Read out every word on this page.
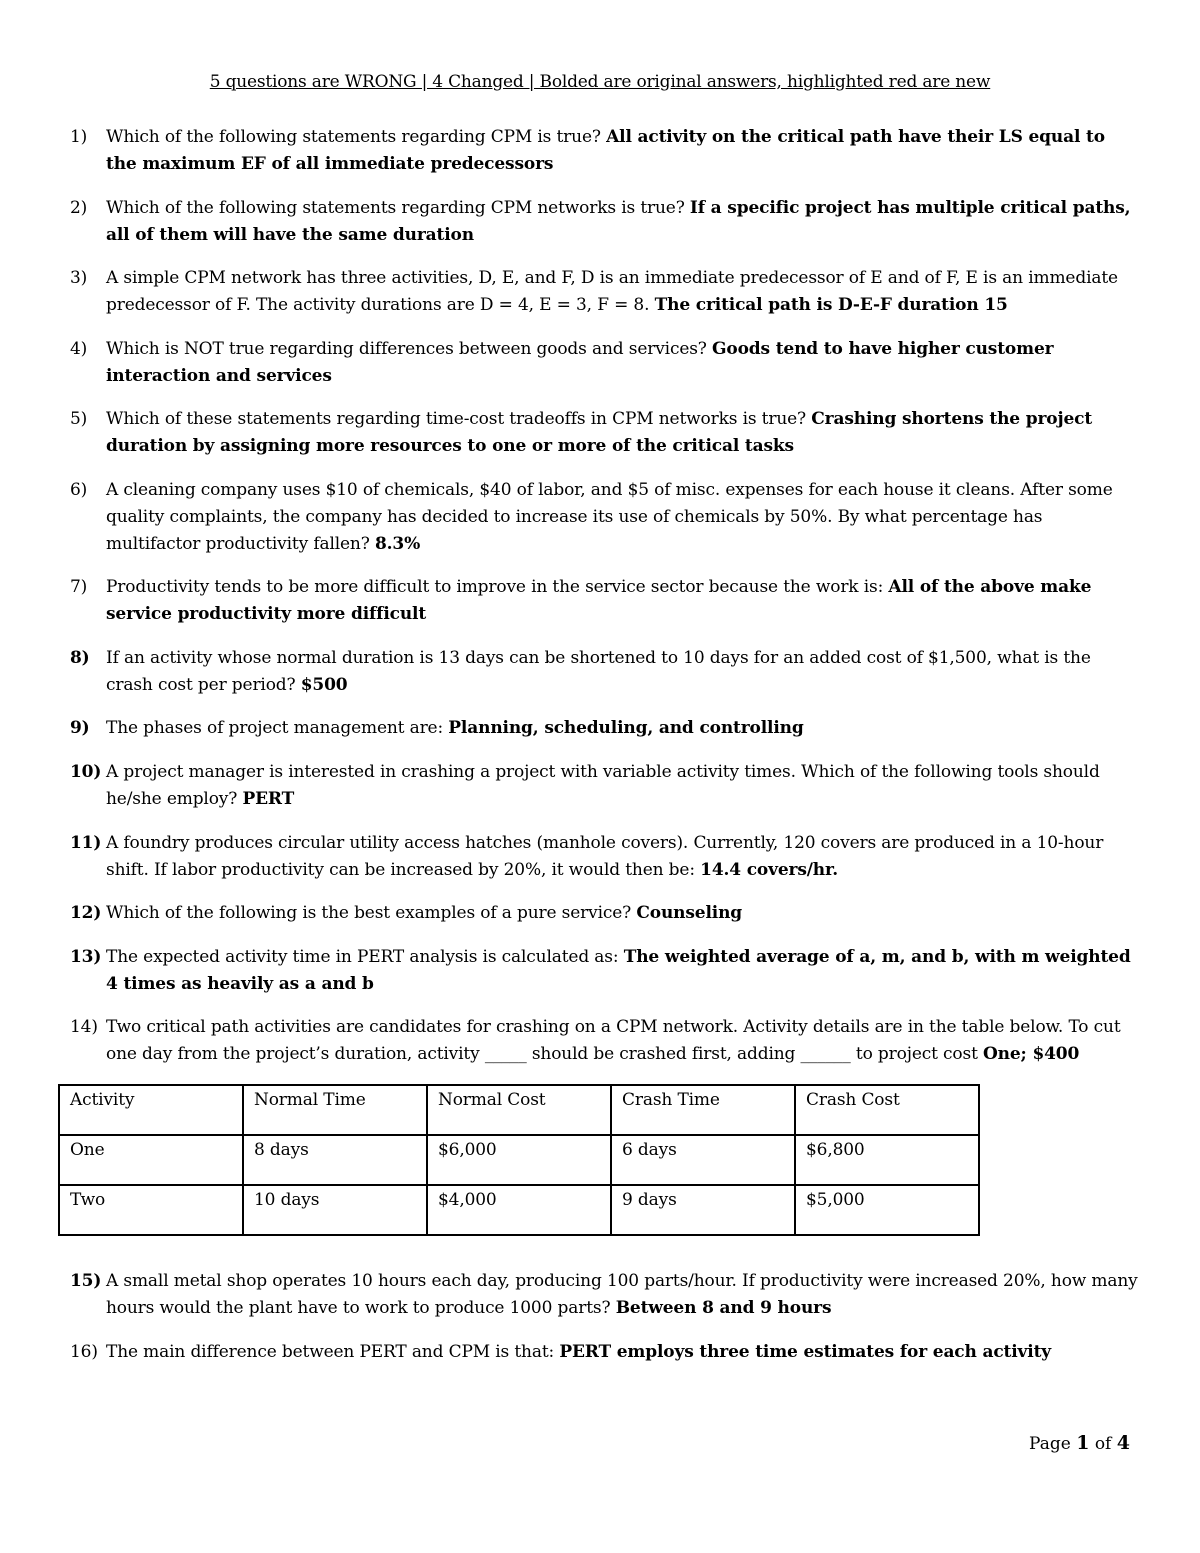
5 questions are WRONG | 4 Changed | Bolded are original answers, highlighted red are new
1)	Which of the following statements regarding CPM is true? All activity on the critical path have their LS equal to the maximum EF of all immediate predecessors
2)	Which of the following statements regarding CPM networks is true? If a specific project has multiple critical paths, all of them will have the same duration
3)	A simple CPM network has three activities, D, E, and F, D is an immediate predecessor of E and of F, E is an immediate predecessor of F. The activity durations are D = 4, E = 3, F = 8. The critical path is D-E-F duration 15
4)	Which is NOT true regarding differences between goods and services? Goods tend to have higher customer interaction and services
5)	Which of these statements regarding time-cost tradeoffs in CPM networks is true? Crashing shortens the project duration by assigning more resources to one or more of the critical tasks
6)	A cleaning company uses $10 of chemicals, $40 of labor, and $5 of misc. expenses for each house it cleans. After some quality complaints, the company has decided to increase its use of chemicals by 50%. By what percentage has multifactor productivity fallen? 8.3%
7)	Productivity tends to be more difficult to improve in the service sector because the work is: All of the above make service productivity more difficult
8) If an activity whose normal duration is 13 days can be shortened to 10 days for an added cost of $1,500, what is the crash cost per period? $500
9) The phases of project management are: Planning, scheduling, and controlling
10) A project manager is interested in crashing a project with variable activity times. Which of the following tools should he/she employ? PERT
11) A foundry produces circular utility access hatches (manhole covers). Currently, 120 covers are produced in a 10-hour shift. If labor productivity can be increased by 20%, it would then be: 14.4 covers/hr.
12) Which of the following is the best examples of a pure service? Counseling
13) The expected activity time in PERT analysis is calculated as: The weighted average of a, m, and b, with m weighted 4 times as heavily as a and b
14) Two critical path activities are candidates for crashing on a CPM network. Activity details are in the table below. To cut one day from the project’s duration, activity _____ should be crashed first, adding ______ to project cost One; $400
Activity	Normal Time	Normal Cost	Crash Time	Crash Cost
One	8 days	$6,000	6 days	$6,800
Two	10 days	$4,000	9 days	$5,000
15) A small metal shop operates 10 hours each day, producing 100 parts/hour. If productivity were increased 20%, how many hours would the plant have to work to produce 1000 parts? Between 8 and 9 hours
16) The main difference between PERT and CPM is that: PERT employs three time estimates for each activity
Page 1 of 4
